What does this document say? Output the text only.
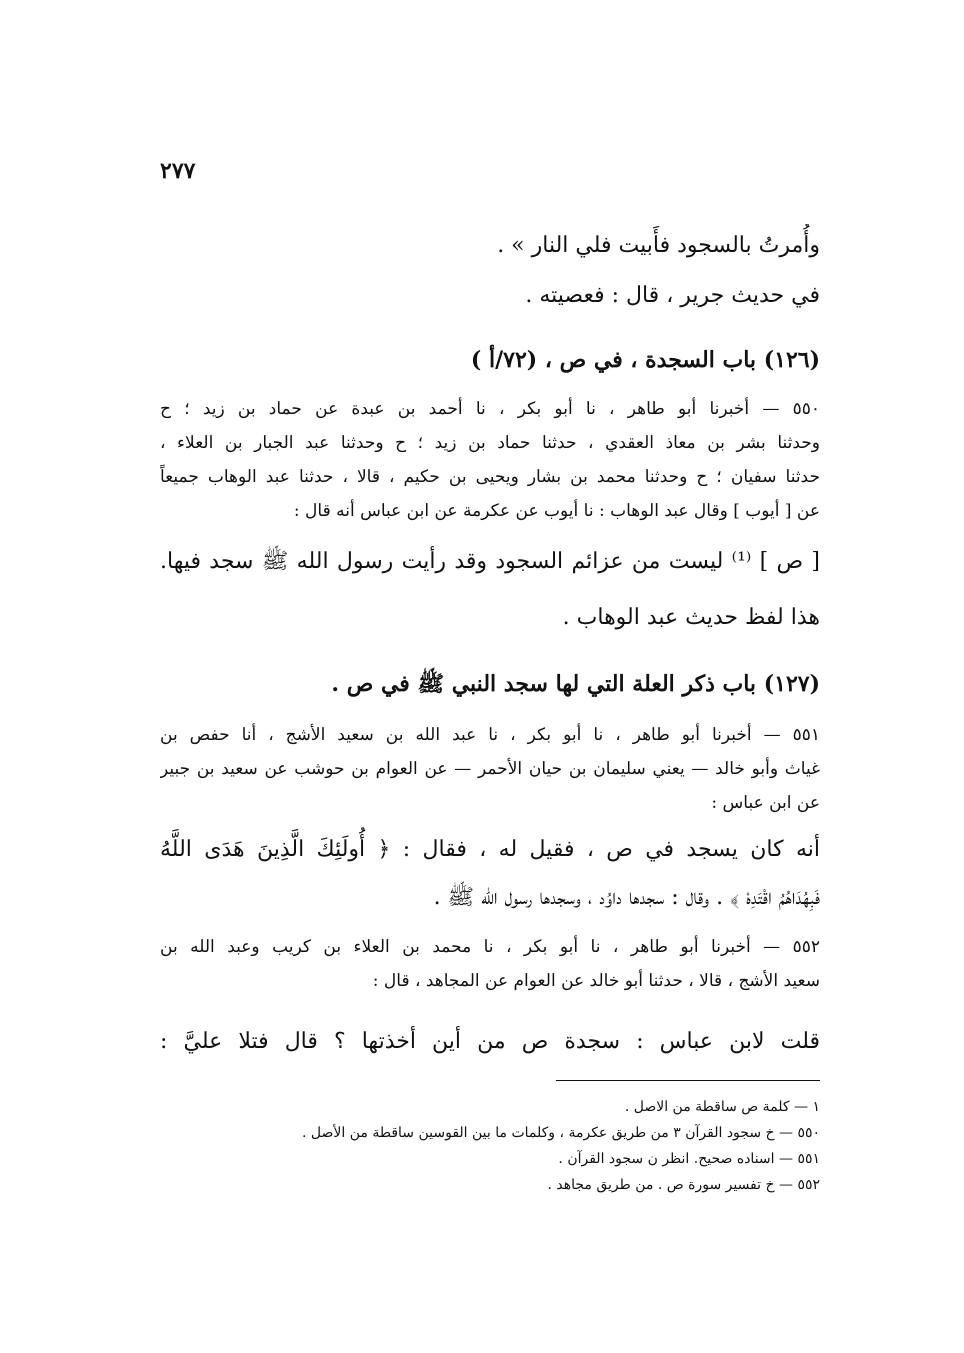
٢٧٧
وأُمرتُ بالسجود فأَبيت فلي النار » .
في حديث جرير ، قال : فعصيته .
(١٢٦) باب السجدة ، في ص ، (٧٢/أ )
٥٥٠ — أخبرنا أبو طاهر ، نا أبو بكر ، نا أحمد بن عبدة عن حماد بن زيد ؛ ح
وحدثنا بشر بن معاذ العقدي ، حدثنا حماد بن زيد ؛ ح وحدثنا عبد الجبار بن العلاء ،
حدثنا سفيان ؛ ح وحدثنا محمد بن بشار ويحيى بن حكيم ، قالا ، حدثنا عبد الوهاب جميعاً
عن [ أيوب ] وقال عبد الوهاب : نا أيوب عن عكرمة عن ابن عباس أنه قال :
[ ص ] ⁽¹⁾ ليست من عزائم السجود وقد رأيت رسول الله ﷺ سجد فيها.
هذا لفظ حديث عبد الوهاب .
(١٢٧) باب ذكر العلة التي لها سجد النبي ﷺ في ص .
٥٥١ — أخبرنا أبو طاهر ، نا أبو بكر ، نا عبد الله بن سعيد الأشج ، أنا حفص بن
غياث وأبو خالد — يعني سليمان بن حيان الأحمر — عن العوام بن حوشب عن سعيد بن جبير
عن ابن عباس :
أنه كان يسجد في ص ، فقيل له ، فقال : ﴿ أُولَئِكَ الَّذِينَ هَدَى اللَّهُ
فَبِهُدَاهُمُ اقْتَدِهْ ﴾ . وقال : سجدها داوُد ، وسجدها رسول الله ﷺ .
٥٥٢ — أخبرنا أبو طاهر ، نا أبو بكر ، نا محمد بن العلاء بن كريب وعبد الله بن
سعيد الأشج ، قالا ، حدثنا أبو خالد عن العوام عن المجاهد ، قال :
قلت لابن عباس : سجدة ص من أين أخذتها ؟ قال فتلا عليَّ :
١ — كلمة ص ساقطة من الاصل .
٥٥٠ — خ سجود القرآن ٣ من طريق عكرمة ، وكلمات ما بين القوسين ساقطة من الأصل .
٥٥١ — اسناده صحيح. انظر ن سجود القرآن .
٥٥٢ — خ تفسير سورة ص . من طريق مجاهد .
